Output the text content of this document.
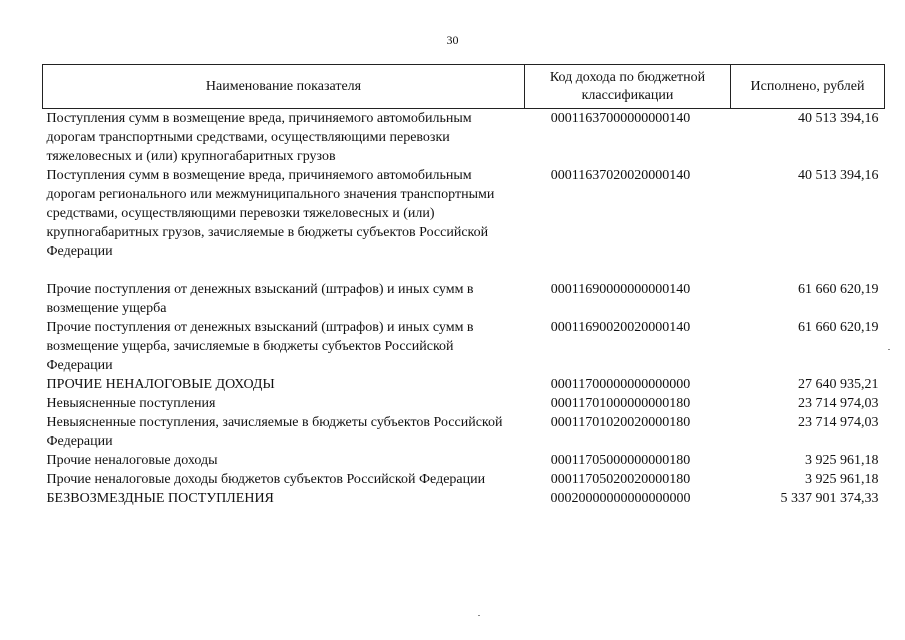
30
Наименование показателя	Код дохода по бюджетной классификации	Исполнено, рублей
Поступления сумм в возмещение вреда, причиняемого автомобильным дорогам транспортными средствами, осуществляющими перевозки тяжеловесных и (или) крупногабаритных грузов	00011637000000000140	40 513 394,16
Поступления сумм в возмещение вреда, причиняемого автомобильным дорогам регионального или межмуниципального значения транспортными средствами, осуществляющими перевозки тяжеловесных и (или) крупногабаритных грузов, зачисляемые в бюджеты субъектов Российской Федерации	00011637020020000140	40 513 394,16
Прочие поступления от денежных взысканий (штрафов) и иных сумм в возмещение ущерба	00011690000000000140	61 660 620,19
Прочие поступления от денежных взысканий (штрафов) и иных сумм в возмещение ущерба, зачисляемые в бюджеты субъектов Российской Федерации	00011690020020000140	61 660 620,19
ПРОЧИЕ НЕНАЛОГОВЫЕ ДОХОДЫ	00011700000000000000	27 640 935,21
Невыясненные поступления	00011701000000000180	23 714 974,03
Невыясненные поступления, зачисляемые в бюджеты субъектов Российской Федерации	00011701020020000180	23 714 974,03
Прочие неналоговые доходы	00011705000000000180	3 925 961,18
Прочие неналоговые доходы бюджетов субъектов Российской Федерации	00011705020020000180	3 925 961,18
БЕЗВОЗМЕЗДНЫЕ ПОСТУПЛЕНИЯ	00020000000000000000	5 337 901 374,33
